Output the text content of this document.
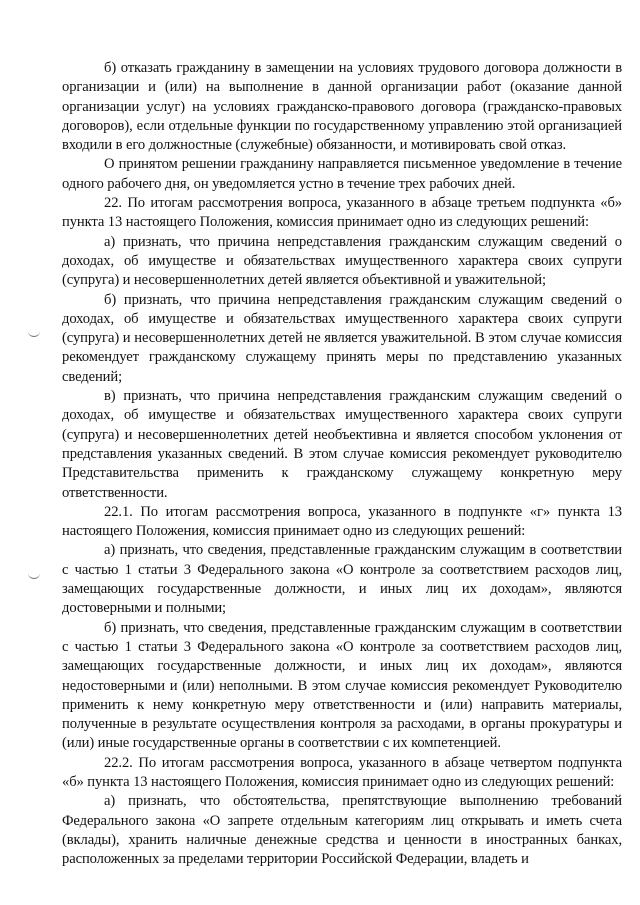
б) отказать гражданину в замещении на условиях трудового договора должности в организации и (или) на выполнение в данной организации работ (оказание данной организации услуг) на условиях гражданско-правового договора (гражданско-правовых договоров), если отдельные функции по государственному управлению этой организацией входили в его должностные (служебные) обязанности, и мотивировать свой отказ.

О принятом решении гражданину направляется письменное уведомление в течение одного рабочего дня, он уведомляется устно в течение трех рабочих дней.

22. По итогам рассмотрения вопроса, указанного в абзаце третьем подпункта «б» пункта 13 настоящего Положения, комиссия принимает одно из следующих решений:

а) признать, что причина непредставления гражданским служащим сведений о доходах, об имуществе и обязательствах имущественного характера своих супруги (супруга) и несовершеннолетних детей является объективной и уважительной;

б) признать, что причина непредставления гражданским служащим сведений о доходах, об имуществе и обязательствах имущественного характера своих супруги (супруга) и несовершеннолетних детей не является уважительной. В этом случае комиссия рекомендует гражданскому служащему принять меры по представлению указанных сведений;

в) признать, что причина непредставления гражданским служащим сведений о доходах, об имуществе и обязательствах имущественного характера своих супруги (супруга) и несовершеннолетних детей необъективна и является способом уклонения от представления указанных сведений. В этом случае комиссия рекомендует руководителю Представительства применить к гражданскому служащему конкретную меру ответственности.

22.1. По итогам рассмотрения вопроса, указанного в подпункте «г» пункта 13 настоящего Положения, комиссия принимает одно из следующих решений:

а) признать, что сведения, представленные гражданским служащим в соответствии с частью 1 статьи 3 Федерального закона «О контроле за соответствием расходов лиц, замещающих государственные должности, и иных лиц их доходам», являются достоверными и полными;

б) признать, что сведения, представленные гражданским служащим в соответствии с частью 1 статьи 3 Федерального закона «О контроле за соответствием расходов лиц, замещающих государственные должности, и иных лиц их доходам», являются недостоверными и (или) неполными. В этом случае комиссия рекомендует Руководителю применить к нему конкретную меру ответственности и (или) направить материалы, полученные в результате осуществления контроля за расходами, в органы прокуратуры и (или) иные государственные органы в соответствии с их компетенцией.

22.2. По итогам рассмотрения вопроса, указанного в абзаце четвертом подпункта «б» пункта 13 настоящего Положения, комиссия принимает одно из следующих решений:

а) признать, что обстоятельства, препятствующие выполнению требований Федерального закона «О запрете отдельным категориям лиц открывать и иметь счета (вклады), хранить наличные денежные средства и ценности в иностранных банках, расположенных за пределами территории Российской Федерации, владеть и
